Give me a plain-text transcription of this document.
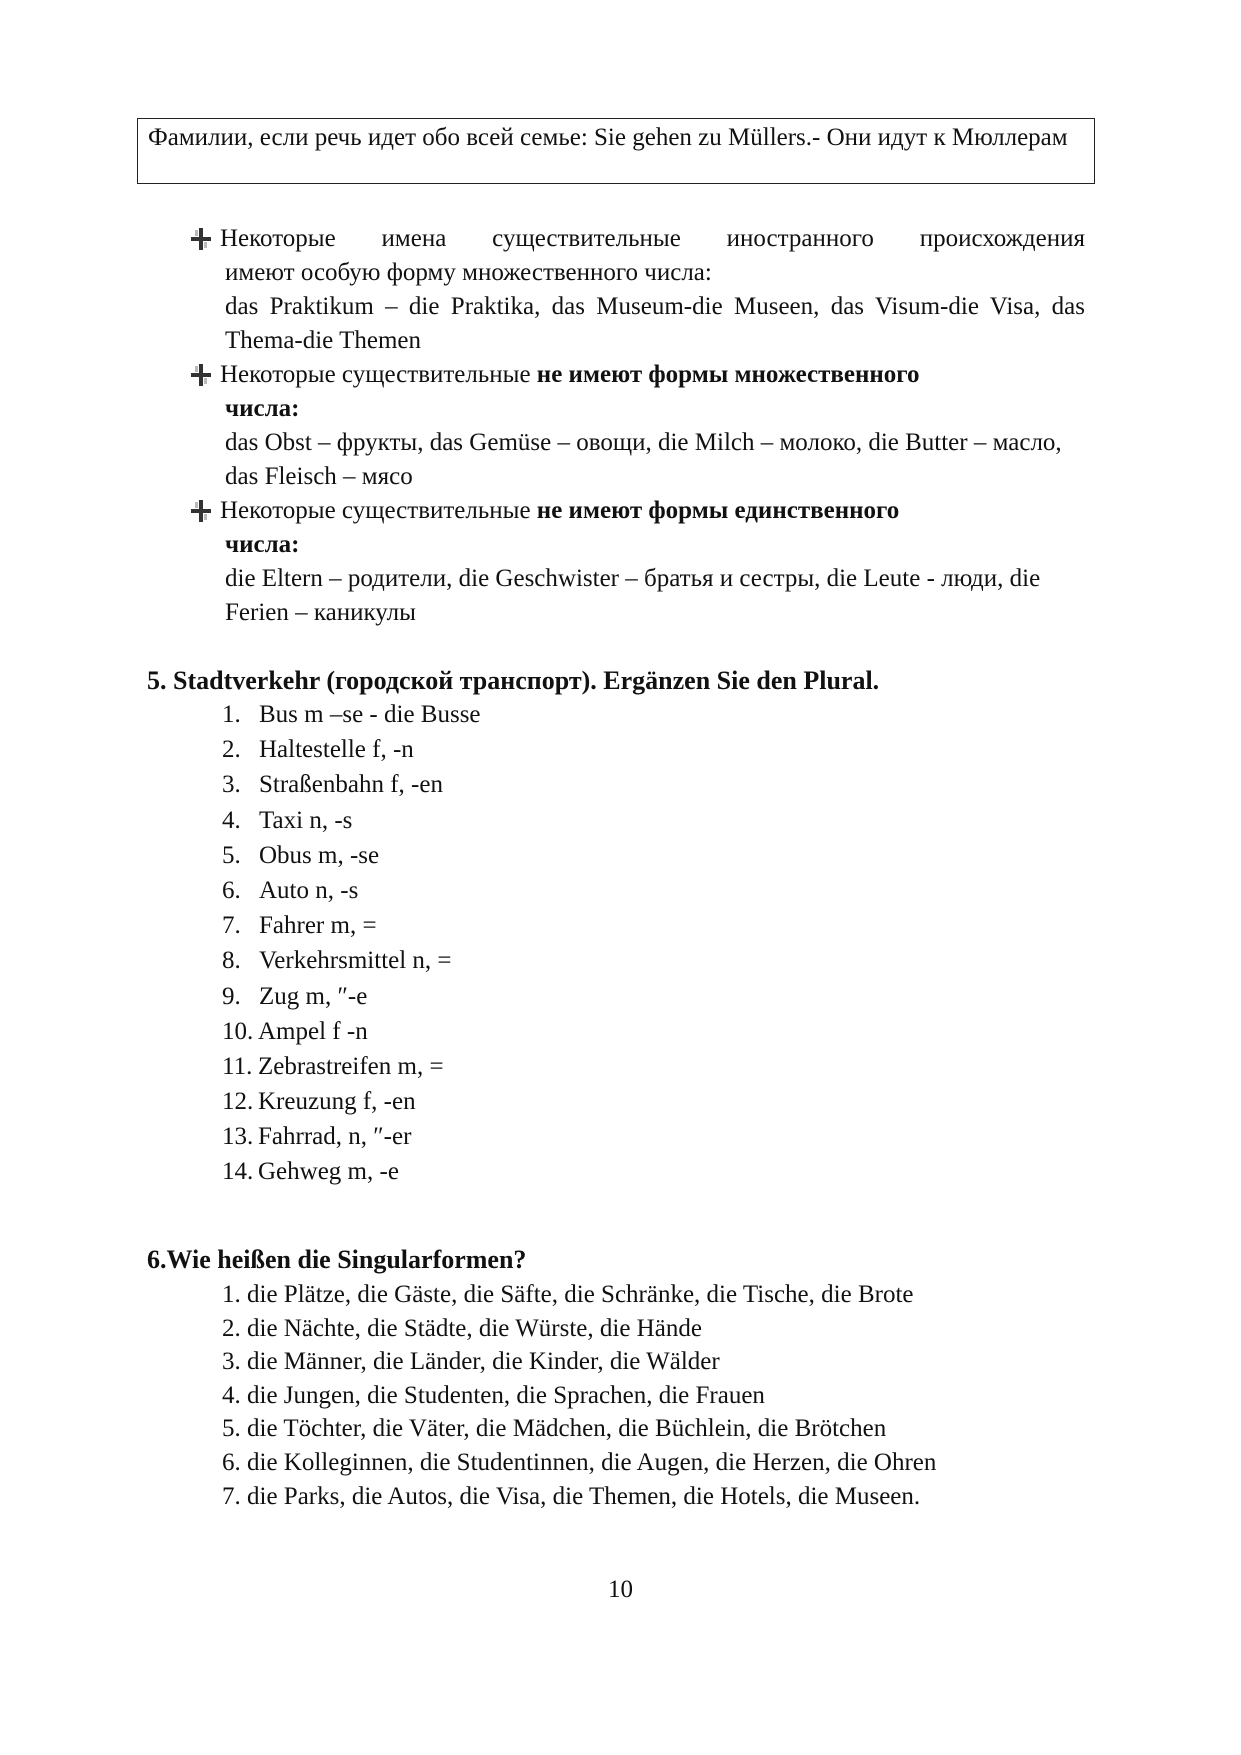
Фамилии, если речь идет обо всей семье: Sie gehen zu Müllers.- Они идут к Мюллерам
Некоторые имена существительные иностранного происхождения
имеют особую форму множественного числа:
das Praktikum – die Praktika, das Museum-die Museen, das Visum-die Visa, das Thema-die Themen
Некоторые существительные не имеют формы множественного
числа:
das Obst – фрукты, das Gemüse – овощи, die Milch – молоко, die Butter – масло, das Fleisch – мясо
Некоторые существительные не имеют формы единственного
числа:
die Eltern – родители, die Geschwister – братья и сестры, die Leute - люди, die Ferien – каникулы
5. Stadtverkehr (городской транспорт). Ergänzen Sie den Plural.
1. Bus m –se - die Busse
2. Haltestelle f, -n
3. Straßenbahn f, -en
4. Taxi n, -s
5. Obus m, -se
6. Auto n, -s
7. Fahrer m, =
8. Verkehrsmittel n, =
9. Zug m, ″-e
10. Ampel f -n
11. Zebrastreifen m, =
12. Kreuzung f, -en
13. Fahrrad, n, ″-er
14. Gehweg m, -e
6.Wie heißen die Singularformen?
1. die Plätze, die Gäste, die Säfte, die Schränke, die Tische, die Brote
2. die Nächte, die Städte, die Würste, die Hände
3. die Männer, die Länder, die Kinder, die Wälder
4. die Jungen, die Studenten, die Sprachen, die Frauen
5. die Töchter, die Väter, die Mädchen, die Büchlein, die Brötchen
6. die Kolleginnen, die Studentinnen, die Augen, die Herzen, die Ohren
7. die Parks, die Autos, die Visa, die Themen, die Hotels, die Museen.
10
